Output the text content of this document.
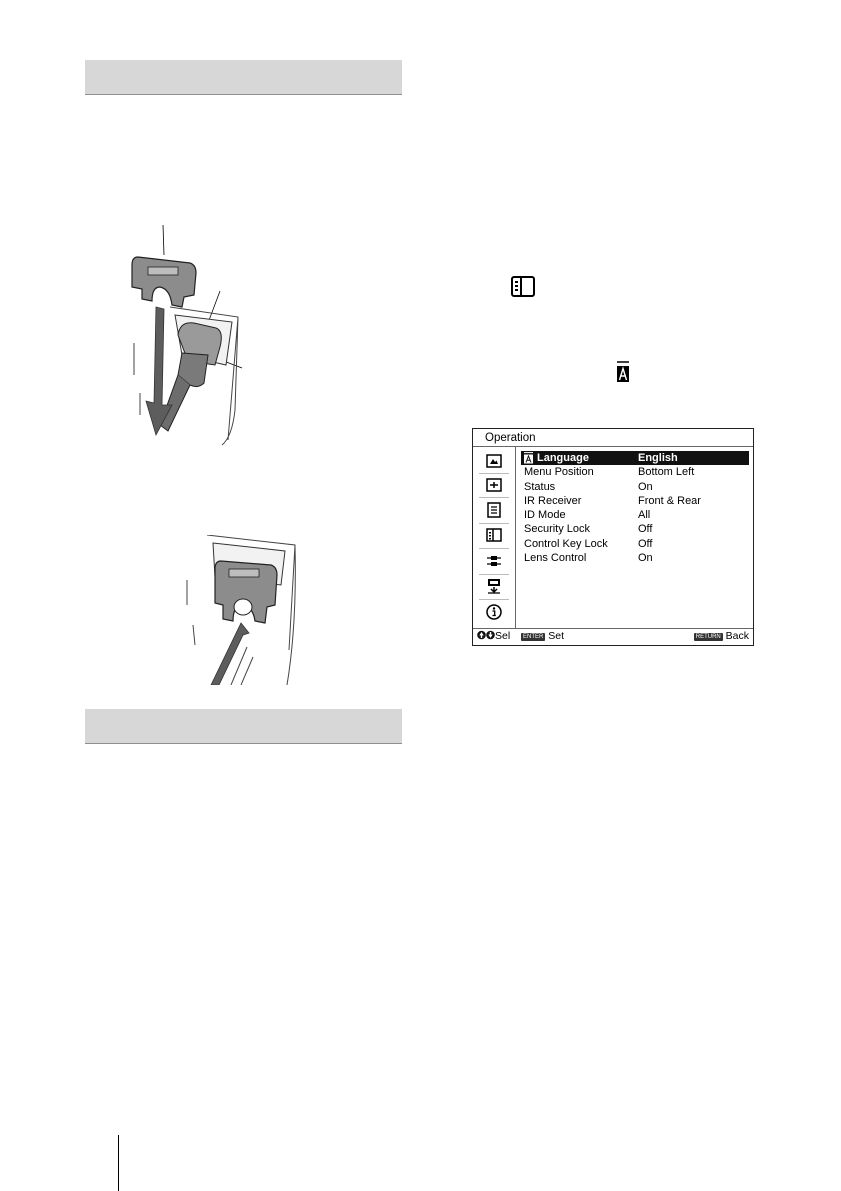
Operation
Language	English
Menu Position	Bottom Left
Status	On
IR Receiver	Front & Rear
ID Mode	All
Security Lock	Off
Control Key Lock	Off
Lens Control	On
Sel	ENTER Set	RETURN Back
